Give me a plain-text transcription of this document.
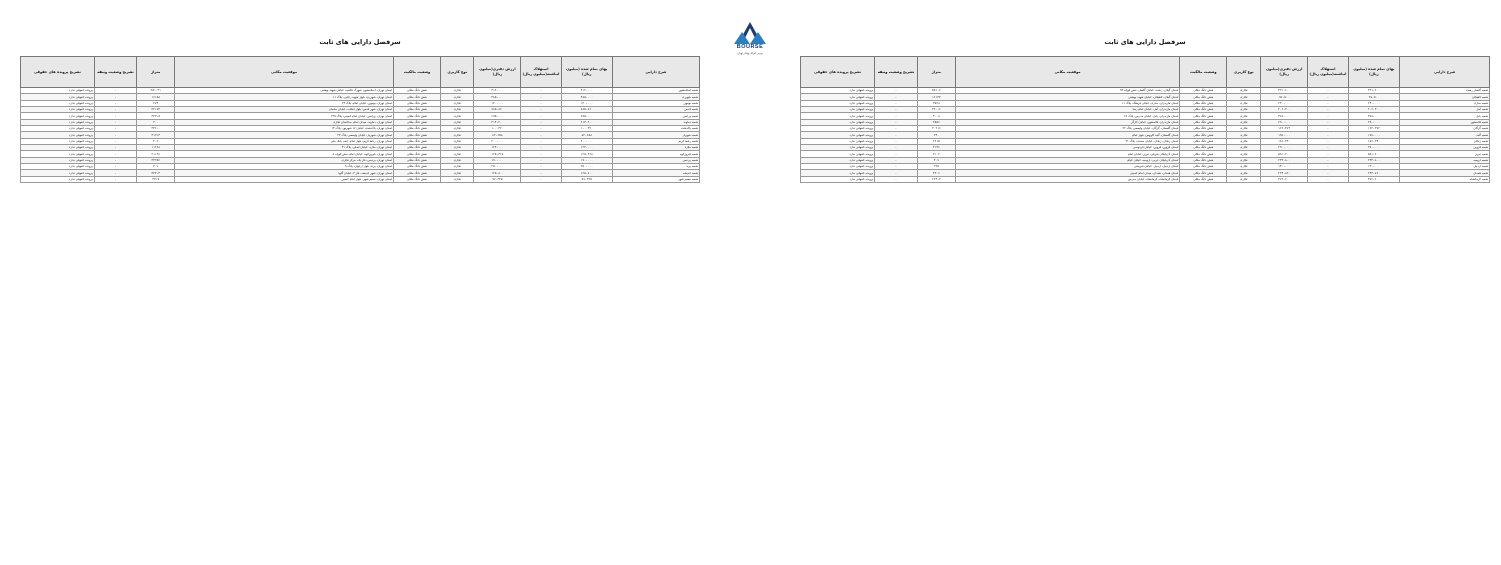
سرفصل دارایی های ثابت
شرح دارایی	بهای تمام شده (میلیون ریال)	استهلاک انباشته(میلیون ریال)	ارزش دفتری(میلیون ریال)	نوع کاربری	وضعیت مالکیت	موقعیت مکانی	متراژ	تشریح وضعیت وثیقه	تشریح پرونده های حقوقی
شعبه اسلامشهر	۴۱۲،۰۰۰	-	۴۱۲،۰۰۰	تجاری	شش دانگ ملکی	استان تهران، اسلامشهر، شهرک قائمیه، خیابان شهید بهشتی	۲۵۱۰۴۱	-	پرونده حقوقی ندارد
شعبه شهرری	۴۸۵،۰۰۰	-	۴۸۵،۰۰۰	تجاری	شش دانگ ملکی	استان تهران، شهرری، بلوار شهید رجایی، پلاک ۱۱	۱۶۱۵۸	-	پرونده حقوقی ندارد
شعبه بومهن	۱۳۰،۰۰۰	-	۱۳۰،۰۰۰	تجاری	شش دانگ ملکی	استان تهران، بومهن، خیابان امام، پلاک ۴۳	۲۷۴	-	پرونده حقوقی ندارد
شعبه قدس	۷۸۵،۸۶۰	-	۷۸۵،۸۶۰	تجاری	شش دانگ ملکی	استان تهران، شهر قدس، بلوار انقلاب، خیابان سلمان	۳۲۱۷۴	-	پرونده حقوقی ندارد
شعبه ورامین	۶۹۵،۰۰۰	-	۶۹۵،۰۰۰	تجاری	شش دانگ ملکی	استان تهران، ورامین، خیابان امام خمینی، پلاک ۲۲۹	۳۳۳،۵	-	پرونده حقوقی ندارد
شعبه دماوند	۲۱۴،۲۰۰	-	۲۱۴،۲۰۰	تجاری	شش دانگ ملکی	استان تهران، دماوند، میدان امام، ساختمان تجاری	۴۰۰	-	پرونده حقوقی ندارد
شعبه پاکدشت	۱،۰۰۳۲۰	-	۱،۰۰۳۲۰	تجاری	شش دانگ ملکی	استان تهران، پاکدشت، خیابان ۱۷ شهریور، پلاک ۱۳	۳۳۶،۰	-	پرونده حقوقی ندارد
شعبه شهریار	۸۲،۶۵۸	-	۸۲،۶۵۸	تجاری	شش دانگ ملکی	استان تهران، شهریار، خیابان ولیعصر، پلاک ۲۳	۳۱۳۱۳	-	پرونده حقوقی ندارد
شعبه رباط کریم	۲۰۰،۰۰۰	-	۲۰۰،۰۰۰	تجاری	شش دانگ ملکی	استان تهران، رباط کریم، بلوار امام، جنب بانک ملی	۲۰۶	-	پرونده حقوقی ندارد
شعبه ملارد	۱۲۴،۰۰۰	-	۱۲۴،۰۰۰	تجاری	شش دانگ ملکی	استان تهران، ملارد، خیابان اصلی، پلاک ۴۱	۱۱۲۶۸	-	پرونده حقوقی ندارد
شعبه فیروزکوه	۱۲۵،۳۶۸	-	۱۲۵،۳۶۸	تجاری	شش دانگ ملکی	استان تهران، فیروزکوه، خیابان امام، نبش کوچه ۸	۲۱۱۲۶	-	پرونده حقوقی ندارد
شعبه پردیس	۱۹۰،۰۰۰	-	۱۹۰،۰۰۰	تجاری	شش دانگ ملکی	استان تهران، پردیس، فاز یک، مرکز تجاری	۳۳۲۵۶	-	پرونده حقوقی ندارد
شعبه پرند	۲۵۰،۰۰۰	-	۲۵۰،۰۰۰	تجاری	شش دانگ ملکی	استان تهران، پرند، بلوار ارغوان، پلاک ۹	۳۰۷	-	پرونده حقوقی ندارد
شعبه اندیشه	۱۲۵،۸۰۰	-	۱۲۵،۸۰۰	تجاری	شش دانگ ملکی	استان تهران، شهر اندیشه، فاز ۳، خیابان گلها	۳۳۳،۴	-	پرونده حقوقی ندارد
شعبه نسیم شهر	۹۷،۳۲۵	-	۹۷،۳۲۵	تجاری	شش دانگ ملکی	استان تهران، نسیم شهر، بلوار امام حسین	۳۳۱۹	-	پرونده حقوقی ندارد
BOURSE
بورس اوراق بهادار تهران
سرفصل دارایی های ثابت
شرح دارایی	بهای تمام شده (میلیون ریال)	استهلاک انباشته(میلیون ریال)	ارزش دفتری(میلیون ریال)	نوع کاربری	وضعیت مالکیت	موقعیت مکانی	متراژ	تشریح وضعیت وثیقه	تشریح پرونده های حقوقی
شعبه گلسار رشت	۳۲۱،۶۰۰	-	۳۲۱،۶۰۰	تجاری	شش دانگ ملکی	استان گیلان، رشت، خیابان گلسار، نبش کوچه ۹۴	۵۹۱،۷	-	پرونده حقوقی ندارد
شعبه لاهیجان	۹۷،۵۰۰	-	۹۷،۵۰۰	تجاری	شش دانگ ملکی	استان گیلان، لاهیجان، خیابان شهید بهشتی	۱۶۱۴۳	-	پرونده حقوقی ندارد
شعبه ساری	۲۴۰،۰۰۰	-	۲۴۰،۰۰۰	تجاری	شش دانگ ملکی	استان مازندران، ساری، خیابان فرهنگ، پلاک ۱۱	۳۵۲۸	-	پرونده حقوقی ندارد
شعبه آمل	۲۰۶،۳۰۰	-	۲۰۶،۳۰۰	تجاری	شش دانگ ملکی	استان مازندران، آمل، خیابان امام رضا	۳۲۰،۶	-	پرونده حقوقی ندارد
شعبه بابل	۳۸۷،۰۰۰	-	۳۸۷،۰۰۰	تجاری	شش دانگ ملکی	استان مازندران، بابل، خیابان مدرس، پلاک ۲۷	۴۰۰۸	-	پرونده حقوقی ندارد
شعبه قائمشهر	۲۹۰،۰۰۰	-	۲۹۰،۰۰۰	تجاری	شش دانگ ملکی	استان مازندران، قائمشهر، خیابان کارگر	۳۵۵۶	-	پرونده حقوقی ندارد
شعبه گرگان	۱۶۲،۳۷۲	-	۱۶۲،۳۷۲	تجاری	شش دانگ ملکی	استان گلستان، گرگان، خیابان ولیعصر، پلاک ۲۲	۳۰۲۱۶	-	پرونده حقوقی ندارد
شعبه گنبد	۱۹۷،۰۰۰	-	۱۹۷،۰۰۰	تجاری	شش دانگ ملکی	استان گلستان، گنبد کاووس، بلوار امام	۲۳۰	-	پرونده حقوقی ندارد
شعبه زنجان	۱۸۶،۳۴۰	-	۱۸۶،۳۴۰	تجاری	شش دانگ ملکی	استان زنجان، زنجان، خیابان سعدی، پلاک ۳۱	۲۶۱۵	-	پرونده حقوقی ندارد
شعبه قزوین	۲۹۰،۰۰۰	-	۲۹۰،۰۰۰	تجاری	شش دانگ ملکی	استان قزوین، قزوین، خیابان فردوسی	۳۱۴۶	-	پرونده حقوقی ندارد
شعبه تبریز	۵۹۱،۶۰۰	-	۵۹۱،۶۰۰	تجاری	شش دانگ ملکی	استان آذربایجان شرقی، تبریز، خیابان امام	۳۱۰۲	-	پرونده حقوقی ندارد
شعبه ارومیه	۲۴۳،۸۰۰	-	۲۴۳،۸۰۰	تجاری	شش دانگ ملکی	استان آذربایجان غربی، ارومیه، خیابان خیام	۴۰۷	-	پرونده حقوقی ندارد
شعبه اردبیل	۱۳۰،۰۰۰	-	۱۳۰،۰۰۰	تجاری	شش دانگ ملکی	استان اردبیل، اردبیل، خیابان شریعتی	۲۳۵	-	پرونده حقوقی ندارد
شعبه همدان	۲۴۴،۸۲۰	-	۲۴۴،۸۲۰	تجاری	شش دانگ ملکی	استان همدان، همدان، میدان امام خمینی	۳۳۰۶	-	پرونده حقوقی ندارد
شعبه کرمانشاه	۳۷۶،۶۰۰	-	۳۷۶،۶۰۰	تجاری	شش دانگ ملکی	استان کرمانشاه، کرمانشاه، خیابان مدرس	۲۲۳،۴	-	پرونده حقوقی ندارد
